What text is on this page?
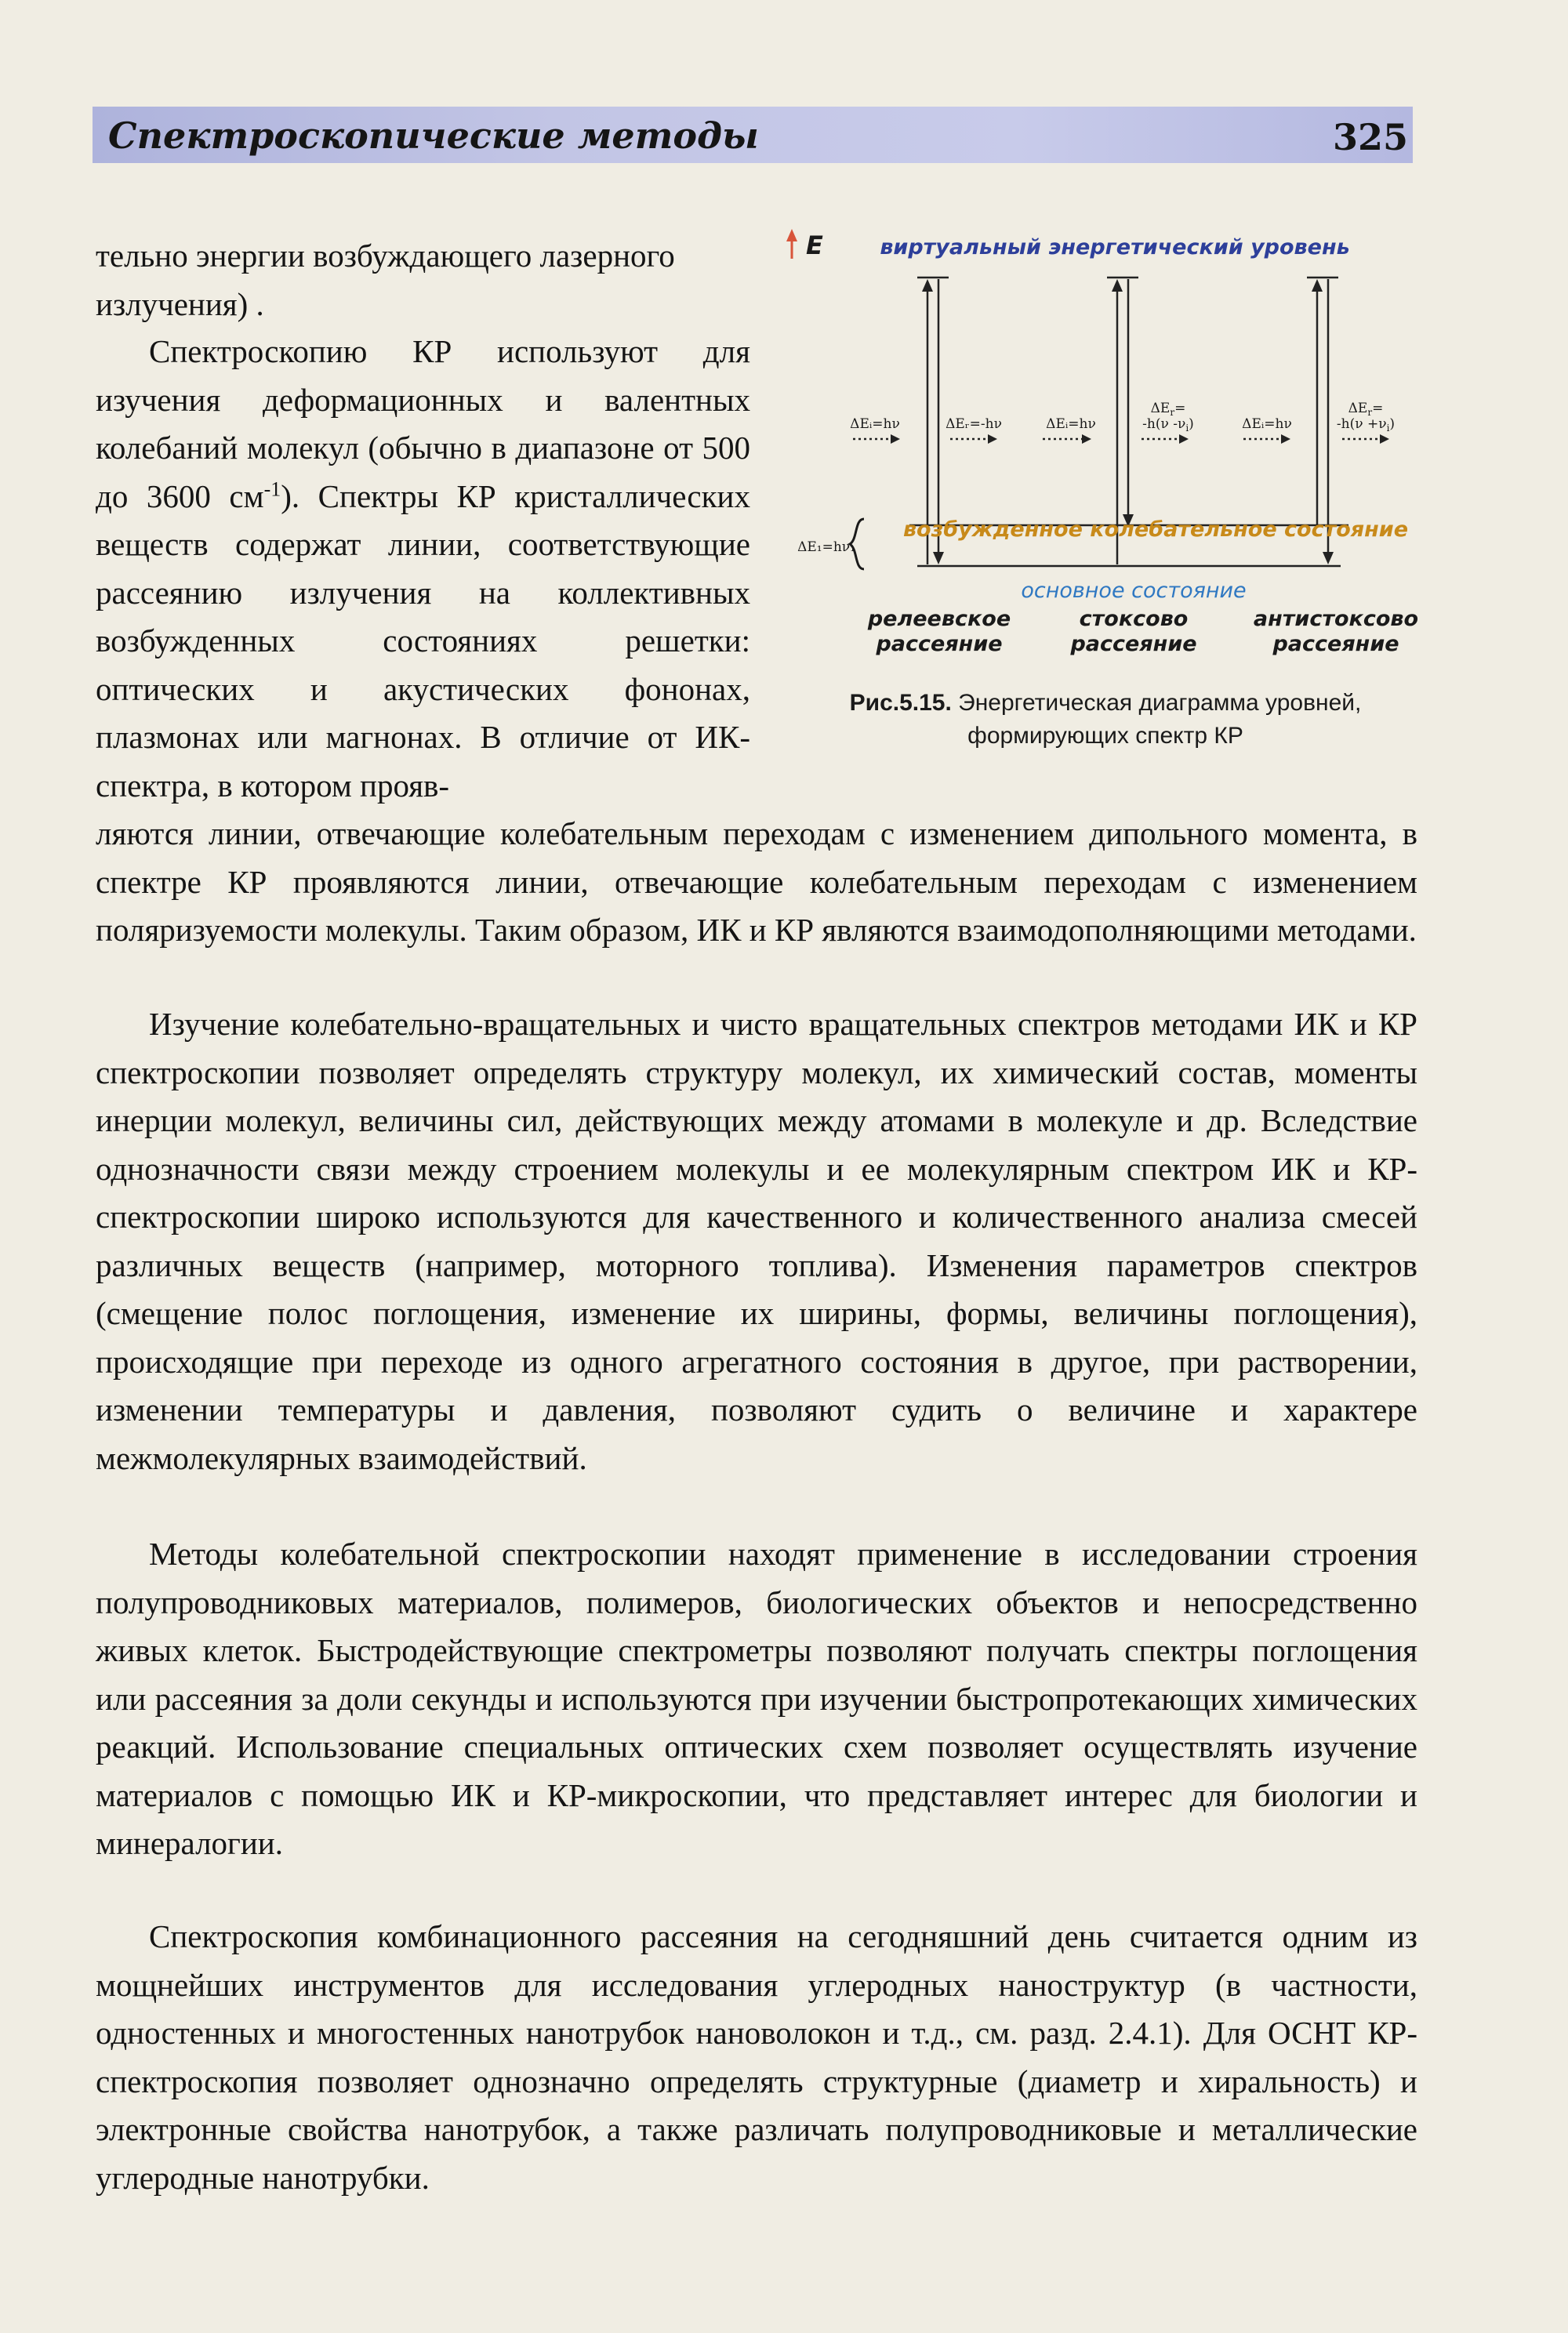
Спектроскопические методы	325

тельно энергии возбуждающего лазерного излучения) .

Спектроскопию КР используют для изучения деформационных и валентных колебаний молекул (обычно в диапазоне от 500 до 3600 $см^{-1}$). Спектры КР кристаллических веществ содержат линии, соответствующие рассеянию излучения на коллективных возбужденных состояниях решетки: оптических и акустических фононах, плазмонах или магнонах. В отличие от ИК-спектра, в котором прояв-

E	виртуальный энергетический уровень
ΔEᵢ=hν	ΔEᵢ=hν	ΔEᵢ=hν
ΔEᵣ=-hν
$\Delta E_r=$
-h(ν $-\nu_i$)
$\Delta E_r=$
$-h(\nu +\nu_i)$
ΔE₁=hν₁
возбужденное колебательное состояние
основное состояние
релеевское
рассеяние
стоксово
рассеяние
антистоксово
рассеяние
Рис.5.15. Энергетическая диаграмма уровней, формирующих спектр КР

ляются линии, отвечающие колебательным переходам с изменением дипольного момента, в спектре КР проявляются линии, отвечающие колебательным переходам с изменением поляризуемости молекулы. Таким образом, ИК и КР являются взаимодополняющими методами.

Изучение колебательно-вращательных и чисто вращательных спектров методами ИК и КР спектроскопии позволяет определять структуру молекул, их химический состав, моменты инерции молекул, величины сил, действующих между атомами в молекуле и др. Вследствие однозначности связи между строением молекулы и ее молекулярным спектром ИК и КР-спектроскопии широко используются для качественного и количественного анализа смесей различных веществ (например, моторного топлива). Изменения параметров спектров (смещение полос поглощения, изменение их ширины, формы, величины поглощения), происходящие при переходе из одного агрегатного состояния в другое, при растворении, изменении температуры и давления, позволяют судить о величине и характере межмолекулярных взаимодействий.

Методы колебательной спектроскопии находят применение в исследовании строения полупроводниковых материалов, полимеров, биологических объектов и непосредственно живых клеток. Быстродействующие спектрометры позволяют получать спектры поглощения или рассеяния за доли секунды и используются при изучении быстропротекающих химических реакций. Использование специальных оптических схем позволяет осуществлять изучение материалов с помощью ИК и КР-микроскопии, что представляет интерес для биологии и минералогии.

Спектроскопия комбинационного рассеяния на сегодняшний день считается одним из мощнейших инструментов для исследования углеродных наноструктур (в частности, одностенных и многостенных нанотрубок нановолокон и т.д., см. разд. 2.4.1). Для ОСНТ КР-спектроскопия позволяет однозначно определять структурные (диаметр и хиральность) и электронные свойства нанотрубок, а также различать полупроводниковые и металлические углеродные нанотрубки.
